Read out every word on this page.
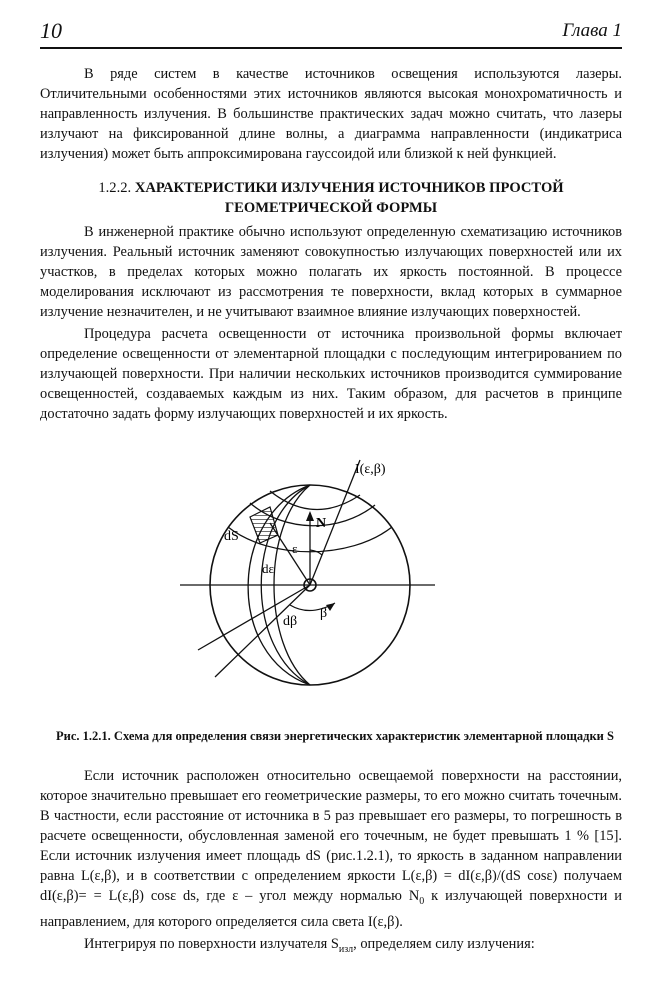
10	Глава 1

В ряде систем в качестве источников освещения используются лазеры. Отличительными особенностями этих источников являются высокая монохроматичность и направленность излучения. В большинстве практических задач можно считать, что лазеры излучают на фиксированной длине волны, а диаграмма направленности (индикатриса излучения) может быть аппроксимирована гауссоидой или близкой к ней функцией.

1.2.2. ХАРАКТЕРИСТИКИ ИЗЛУЧЕНИЯ ИСТОЧНИКОВ ПРОСТОЙ
ГЕОМЕТРИЧЕСКОЙ ФОРМЫ

В инженерной практике обычно используют определенную схематизацию источников излучения. Реальный источник заменяют совокупностью излучающих поверхностей или их участков, в пределах которых можно полагать их яркость постоянной. В процессе моделирования исключают из рассмотрения те поверхности, вклад которых в суммарное излучение незначителен, и не учитывают взаимное влияние излучающих поверхностей.

Процедура расчета освещенности от источника произвольной формы включает определение освещенности от элементарной площадки с последующим интегрированием по излучающей поверхности. При наличии нескольких источников производится суммирование освещенностей, создаваемых каждым из них. Таким образом, для расчетов в принципе достаточно задать форму излучающих поверхностей и их яркость.

I(ε,β)
N
dS
ε
dε
dβ
β
Рис. 1.2.1. Схема для определения связи энергетических характеристик элементарной площадки S

Если источник расположен относительно освещаемой поверхности на расстоянии, которое значительно превышает его геометрические размеры, то его можно считать точечным. В частности, если расстояние от источника в 5 раз превышает его размеры, то погрешность в расчете освещенности, обусловленная заменой его точечным, не будет превышать 1 % [15]. Если источник излучения имеет площадь dS (рис.1.2.1), то яркость в заданном направлении равна L(ε,β), и в соответствии с определением яркости L(ε,β) = dI(ε,β)/(dS cosε) получаем dI(ε,β)= = L(ε,β) cosε ds, где ε – угол между нормалью $N_0$ к излучающей поверхности и направлением, для которого определяется сила света I(ε,β).

Интегрируя по поверхности излучателя $S_{изл}$, определяем силу излучения:
